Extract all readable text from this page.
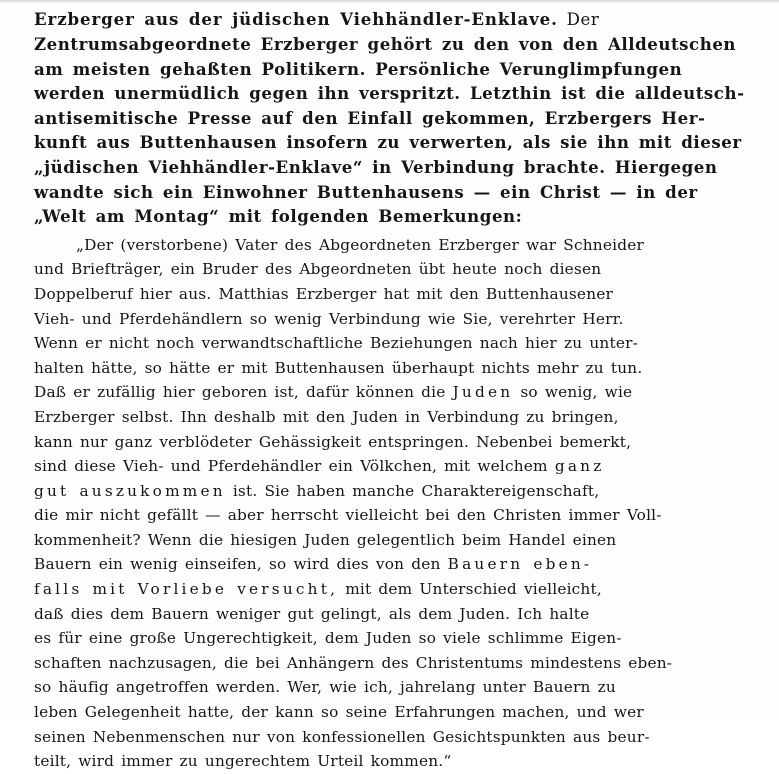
Erzberger aus der jüdischen Viehhändler-Enklave. Der
Zentrumsabgeordnete Erzberger gehört zu den von den Alldeutschen
am meisten gehaßten Politikern. Persönliche Verunglimpfungen
werden unermüdlich gegen ihn verspritzt. Letzthin ist die alldeutsch-
antisemitische Presse auf den Einfall gekommen, Erzbergers Her-
kunft aus Buttenhausen insofern zu verwerten, als sie ihn mit dieser
„jüdischen Viehhändler-Enklave“ in Verbindung brachte. Hiergegen
wandte sich ein Einwohner Buttenhausens — ein Christ — in der
„Welt am Montag“ mit folgenden Bemerkungen:
„Der (verstorbene) Vater des Abgeordneten Erzberger war Schneider
und Briefträger, ein Bruder des Abgeordneten übt heute noch diesen
Doppelberuf hier aus. Matthias Erzberger hat mit den Buttenhausener
Vieh- und Pferdehändlern so wenig Verbindung wie Sie, verehrter Herr.
Wenn er nicht noch verwandtschaftliche Beziehungen nach hier zu unter-
halten hätte, so hätte er mit Buttenhausen überhaupt nichts mehr zu tun.
Daß er zufällig hier geboren ist, dafür können die Juden so wenig, wie
Erzberger selbst. Ihn deshalb mit den Juden in Verbindung zu bringen,
kann nur ganz verblödeter Gehässigkeit entspringen. Nebenbei bemerkt,
sind diese Vieh- und Pferdehändler ein Völkchen, mit welchem ganz
gut auszukommen ist. Sie haben manche Charaktereigenschaft,
die mir nicht gefällt — aber herrscht vielleicht bei den Christen immer Voll-
kommenheit? Wenn die hiesigen Juden gelegentlich beim Handel einen
Bauern ein wenig einseifen, so wird dies von den Bauern eben-
falls mit Vorliebe versucht, mit dem Unterschied vielleicht,
daß dies dem Bauern weniger gut gelingt, als dem Juden. Ich halte
es für eine große Ungerechtigkeit, dem Juden so viele schlimme Eigen-
schaften nachzusagen, die bei Anhängern des Christentums mindestens eben-
so häufig angetroffen werden. Wer, wie ich, jahrelang unter Bauern zu
leben Gelegenheit hatte, der kann so seine Erfahrungen machen, und wer
seinen Nebenmenschen nur von konfessionellen Gesichtspunkten aus beur-
teilt, wird immer zu ungerechtem Urteil kommen.“
